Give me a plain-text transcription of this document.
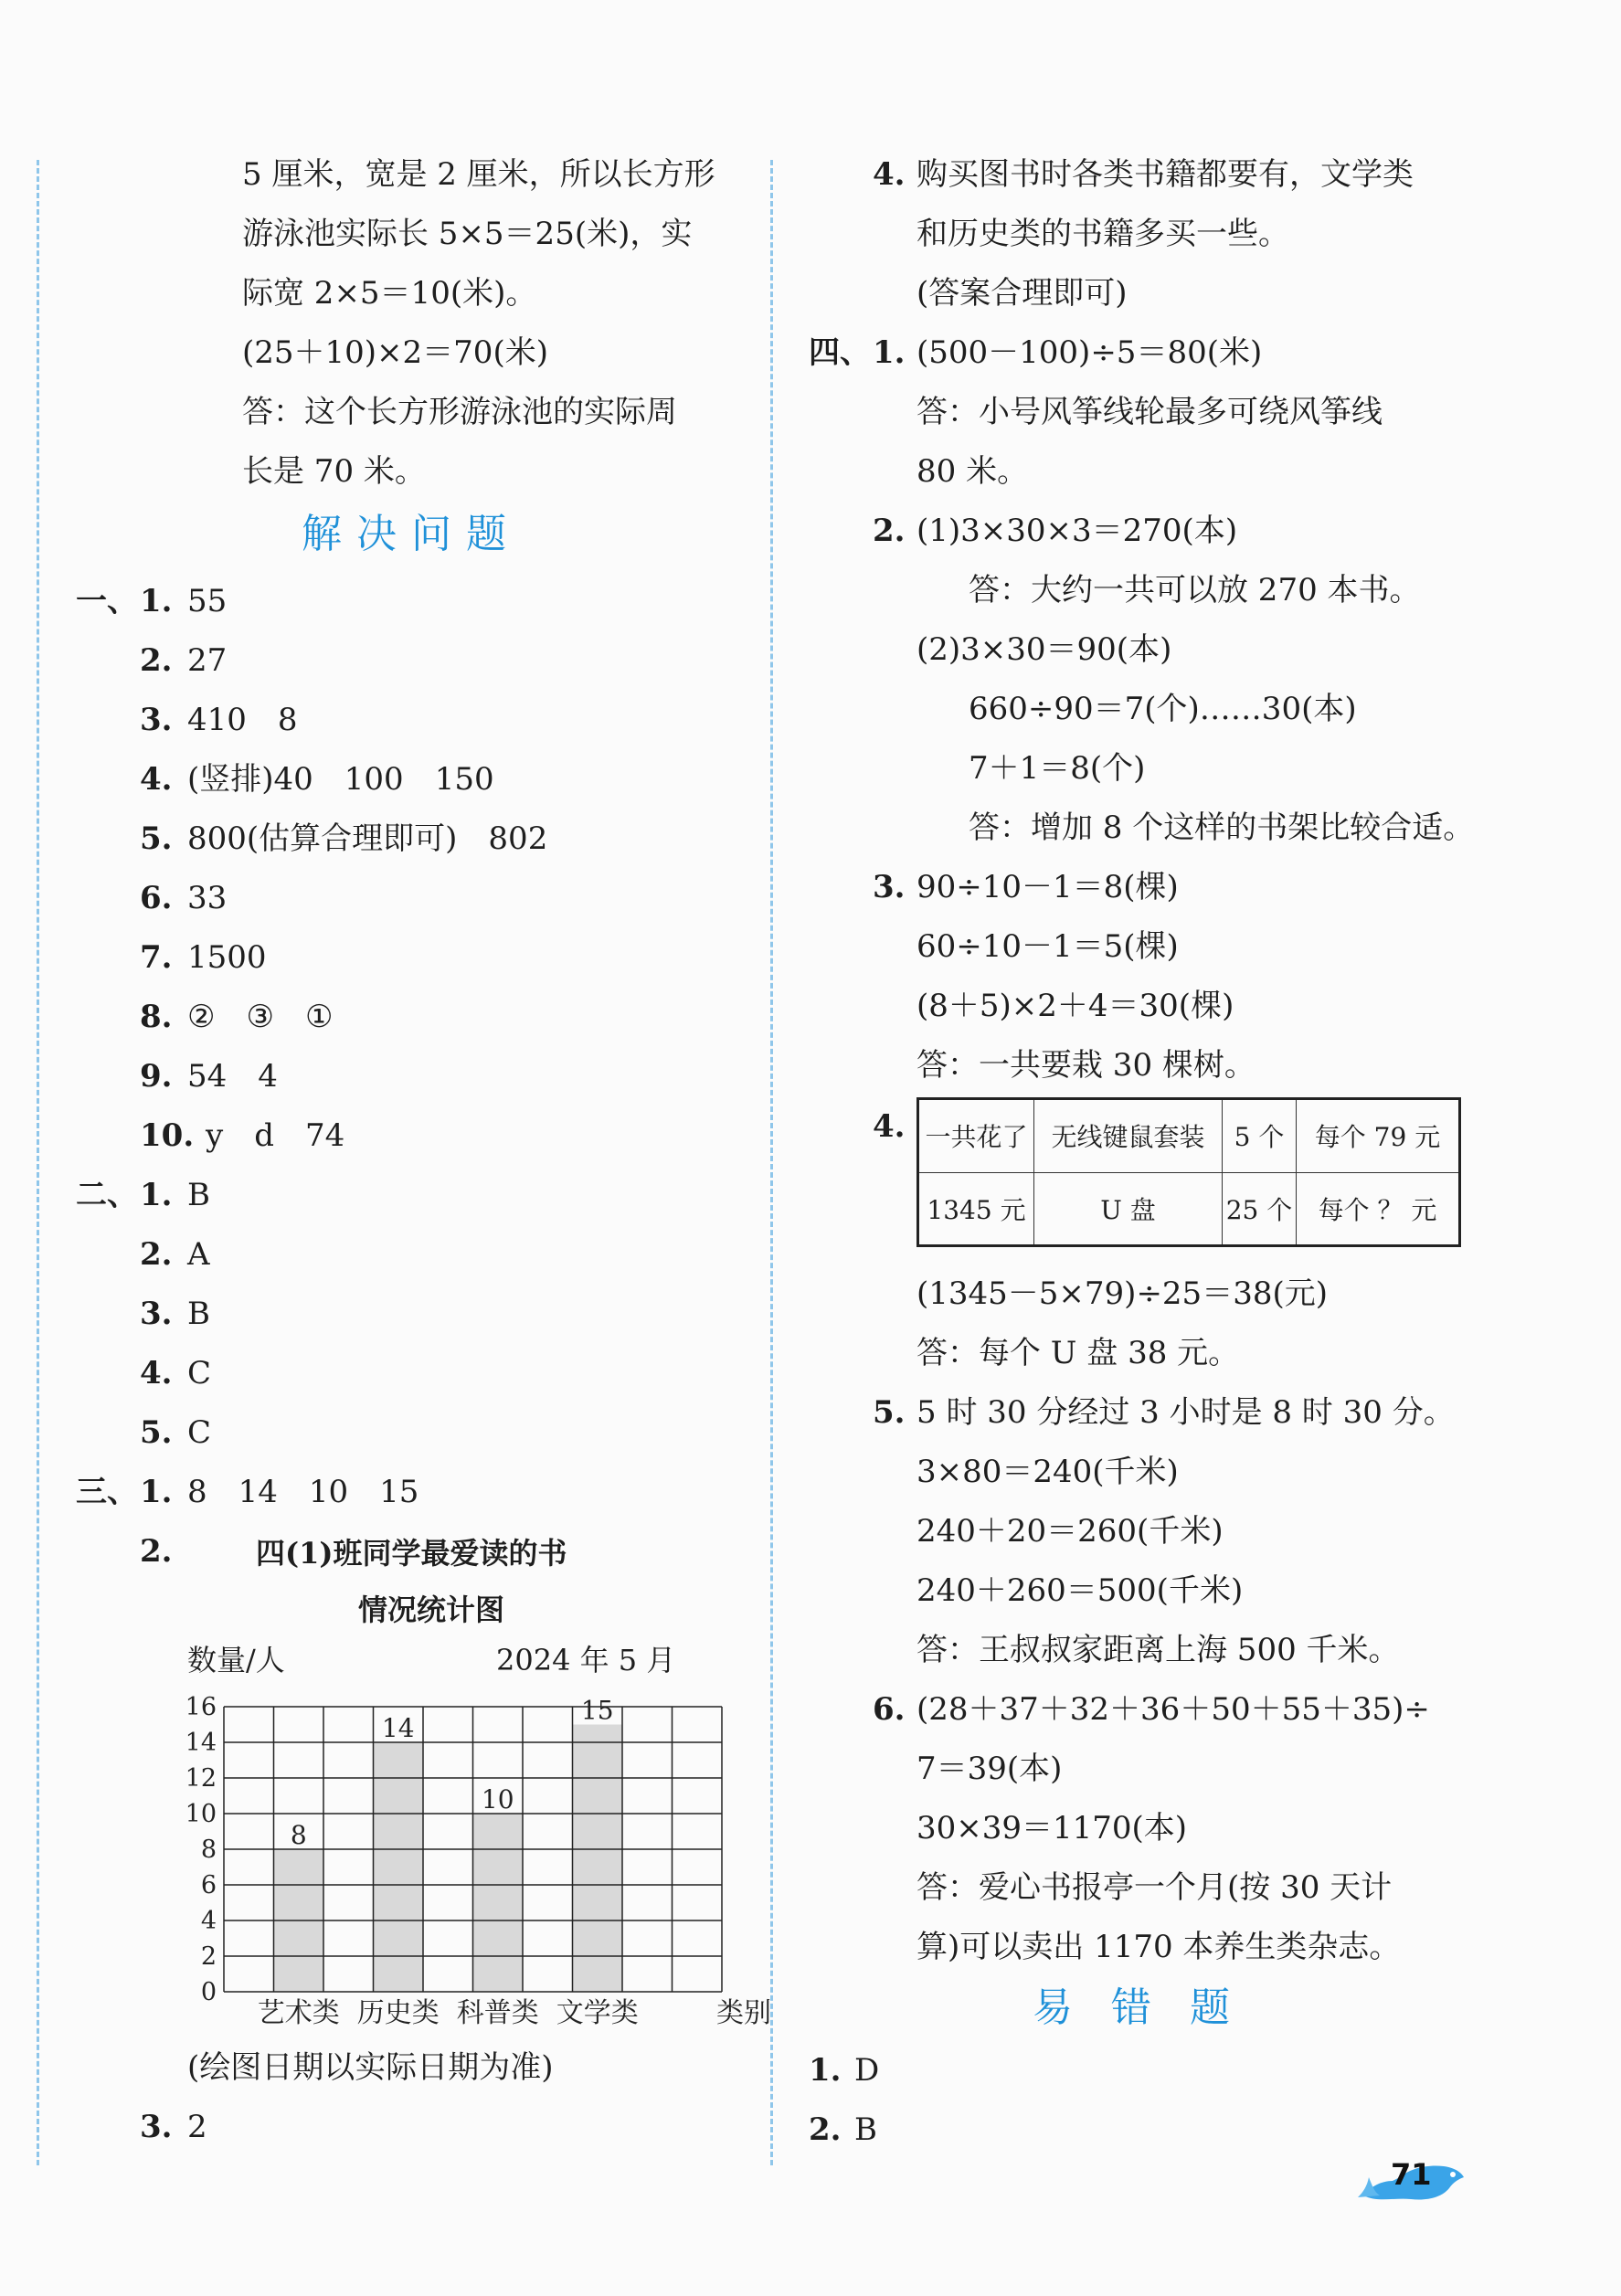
5 厘米，宽是 2 厘米，所以长方形
游泳池实际长 5×5＝25(米)，实
际宽 2×5＝10(米)。
(25＋10)×2＝70(米)
答：这个长方形游泳池的实际周
长是 70 米。
解决问题
一、 1. 55
2. 27
3. 410　8
4. (竖排)40　100　150
5. 800(估算合理即可)　802
6. 33
7. 1500
8. ②　③　①
9. 54　4
10. y　d　74
二、 1. B
2. A
3. B
4. C
5. C
三、 1. 8　14　10　15
2.	四(1)班同学最爱读的书
情况统计图
数量/人	2024 年 5 月
8
14
10
15
0
2
4
6
8
10
12
14
16
艺术类 历史类 科普类 文学类	类别
(绘图日期以实际日期为准)
3. 2
4. 购买图书时各类书籍都要有，文学类
和历史类的书籍多买一些。
(答案合理即可)
四、 1. (500－100)÷5＝80(米)
答：小号风筝线轮最多可绕风筝线
80 米。
2. (1)3×30×3＝270(本)
答：大约一共可以放 270 本书。
(2)3×30＝90(本)
660÷90＝7(个)……30(本)
7＋1＝8(个)
答：增加 8 个这样的书架比较合适。
3. 90÷10－1＝8(棵)
60÷10－1＝5(棵)
(8＋5)×2＋4＝30(棵)
答：一共要栽 30 棵树。
4. 一共花了	无线键鼠套装	5 个	每个 79 元
1345 元	U 盘	25 个	每个 ？ 元
(1345－5×79)÷25＝38(元)
答：每个 U 盘 38 元。
5. 5 时 30 分经过 3 小时是 8 时 30 分。
3×80＝240(千米)
240＋20＝260(千米)
240＋260＝500(千米)
答：王叔叔家距离上海 500 千米。
6. (28＋37＋32＋36＋50＋55＋35)÷
7＝39(本)
30×39＝1170(本)
答：爱心书报亭一个月(按 30 天计
算)可以卖出 1170 本养生类杂志。
易错题
1. D
2. B
71
